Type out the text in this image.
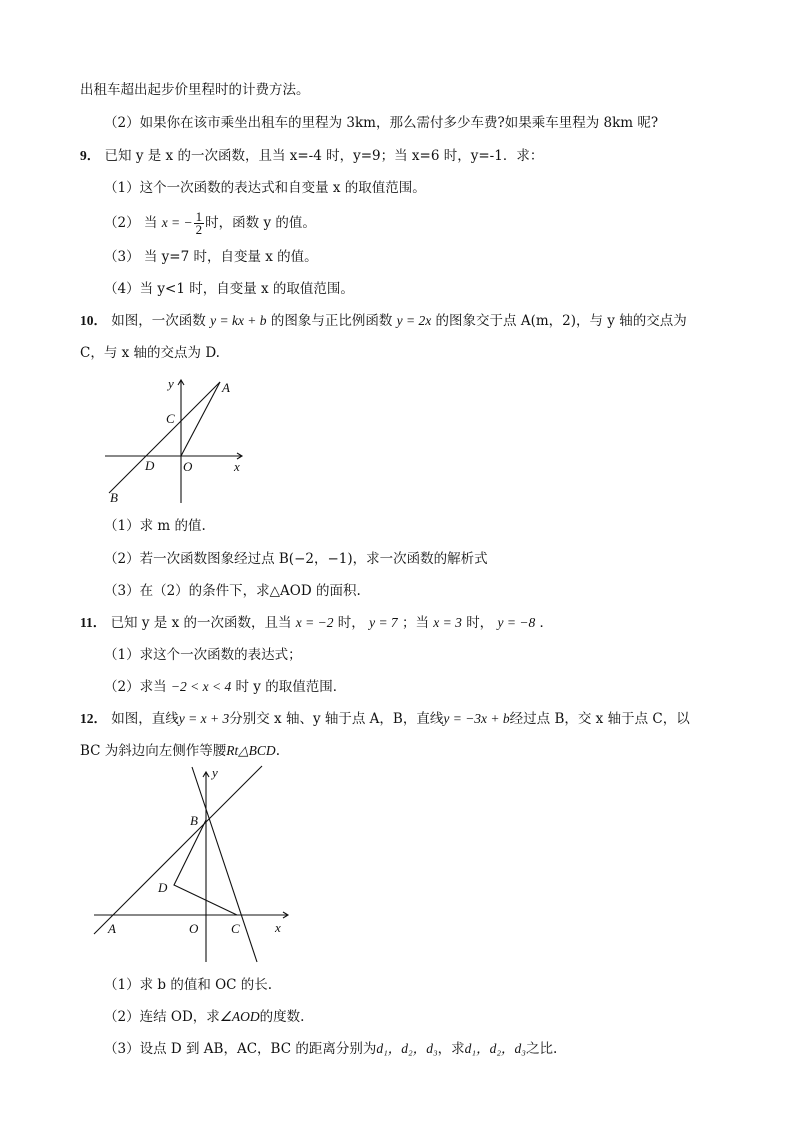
出租车超出起步价里程时的计费方法。
（2）如果你在该市乘坐出租车的里程为 3km，那么需付多少车费?如果乘车里程为 8km 呢?
9． 已知 y 是 x 的一次函数，且当 x=-4 时，y=9；当 x=6 时，y=-1．求：
（1）这个一次函数的表达式和自变量 x 的取值范围。
（2） 当 x = − $\frac{1}{2}$ 时，函数 y 的值。
（3） 当 y=7 时，自变量 x 的值。
（4）当 y<1 时，自变量 x 的取值范围。
10． 如图，一次函数 y = kx + b 的图象与正比例函数 y = 2x 的图象交于点 A(m，2)，与 y 轴的交点为
C，与 x 轴的交点为 D.
y	A
C
D O	x
B
（1）求 m 的值.
（2）若一次函数图象经过点 B(−2，−1)，求一次函数的解析式
（3）在（2）的条件下，求△AOD 的面积.
11． 已知 y 是 x 的一次函数，且当 x = −2 时， y = 7 ；当 x = 3 时， y = −8 ．
（1）求这个一次函数的表达式；
（2）求当 −2 < x < 4 时 y 的取值范围．
12． 如图，直线y = x + 3分别交 x 轴、y 轴于点 A，B，直线y = −3x + b经过点 B，交 x 轴于点 C，以
BC 为斜边向左侧作等腰Rt△BCD.
y
B
D
A	O	C	x
（1）求 b 的值和 OC 的长.
（2）连结 OD，求∠AOD的度数.
（3）设点 D 到 AB，AC，BC 的距离分别为d₁，d₂，d₃，求d₁，d₂，d₃之比.
